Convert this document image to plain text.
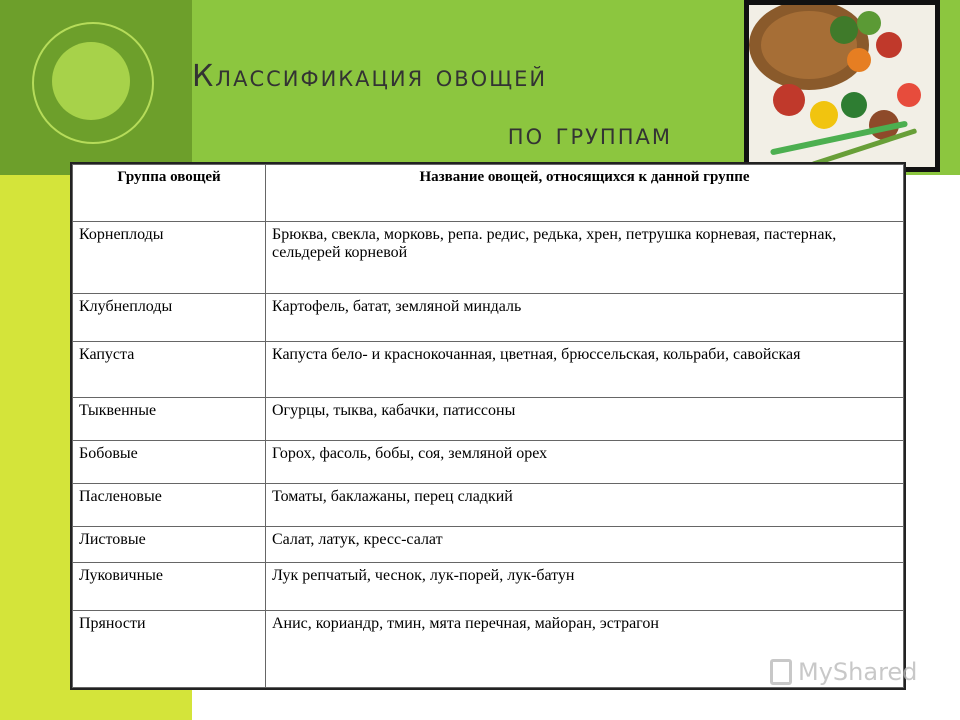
Классификация овощей
по группам
Группа овощей	Название овощей, относящихся к данной группе
Корнеплоды	Брюква, свекла, морковь, репа. редис, редька, хрен, петрушка корневая, пастернак, сельдерей корневой
Клубнеплоды	Картофель, батат, земляной миндаль
Капуста	Капуста бело- и краснокочанная, цветная, брюссельская, кольраби, савойская
Тыквенные	Огурцы, тыква, кабачки, патиссоны
Бобовые	Горох, фасоль, бобы, соя, земляной орех
Пасленовые	Томаты, баклажаны, перец сладкий
Листовые	Салат, латук, кресс-салат
Луковичные	Лук репчатый, чеснок, лук-порей, лук-батун
Пряности	Анис, кориандр, тмин, мята перечная, майоран, эстрагон
MyShared
